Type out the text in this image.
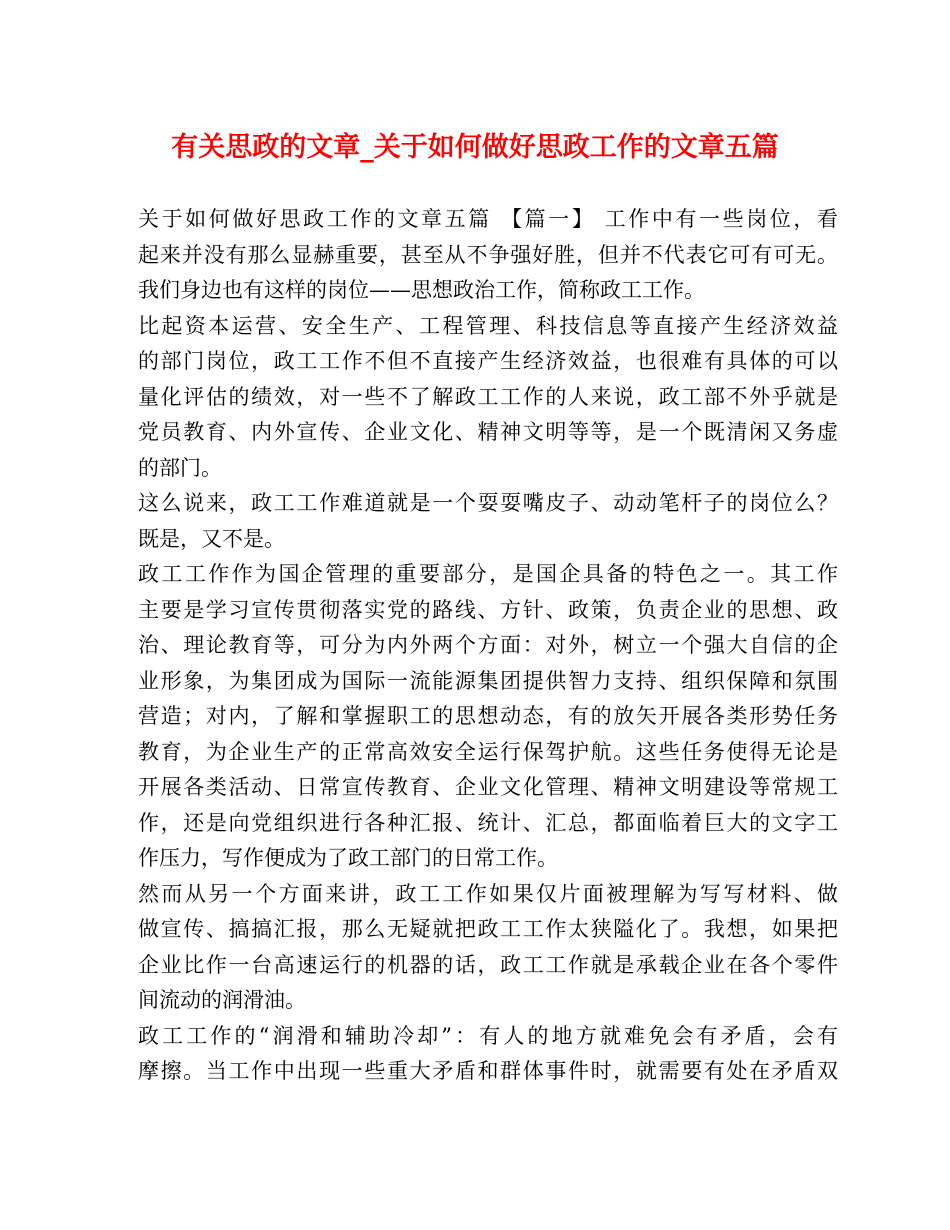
有关思政的文章_关于如何做好思政工作的文章五篇
关于如何做好思政工作的文章五篇 【篇一】 工作中有一些岗位，看
起来并没有那么显赫重要，甚至从不争强好胜，但并不代表它可有可无。
我们身边也有这样的岗位——思想政治工作，简称政工工作。
比起资本运营、安全生产、工程管理、科技信息等直接产生经济效益
的部门岗位，政工工作不但不直接产生经济效益，也很难有具体的可以
量化评估的绩效，对一些不了解政工工作的人来说，政工部不外乎就是
党员教育、内外宣传、企业文化、精神文明等等，是一个既清闲又务虚
的部门。
这么说来，政工工作难道就是一个耍耍嘴皮子、动动笔杆子的岗位么？
既是，又不是。
政工工作作为国企管理的重要部分，是国企具备的特色之一。其工作
主要是学习宣传贯彻落实党的路线、方针、政策，负责企业的思想、政
治、理论教育等，可分为内外两个方面：对外，树立一个强大自信的企
业形象，为集团成为国际一流能源集团提供智力支持、组织保障和氛围
营造；对内，了解和掌握职工的思想动态，有的放矢开展各类形势任务
教育，为企业生产的正常高效安全运行保驾护航。这些任务使得无论是
开展各类活动、日常宣传教育、企业文化管理、精神文明建设等常规工
作，还是向党组织进行各种汇报、统计、汇总，都面临着巨大的文字工
作压力，写作便成为了政工部门的日常工作。
然而从另一个方面来讲，政工工作如果仅片面被理解为写写材料、做
做宣传、搞搞汇报，那么无疑就把政工工作太狭隘化了。我想，如果把
企业比作一台高速运行的机器的话，政工工作就是承载企业在各个零件
间流动的润滑油。
政工工作的“润滑和辅助冷却”：有人的地方就难免会有矛盾，会有
摩擦。当工作中出现一些重大矛盾和群体事件时，就需要有处在矛盾双
